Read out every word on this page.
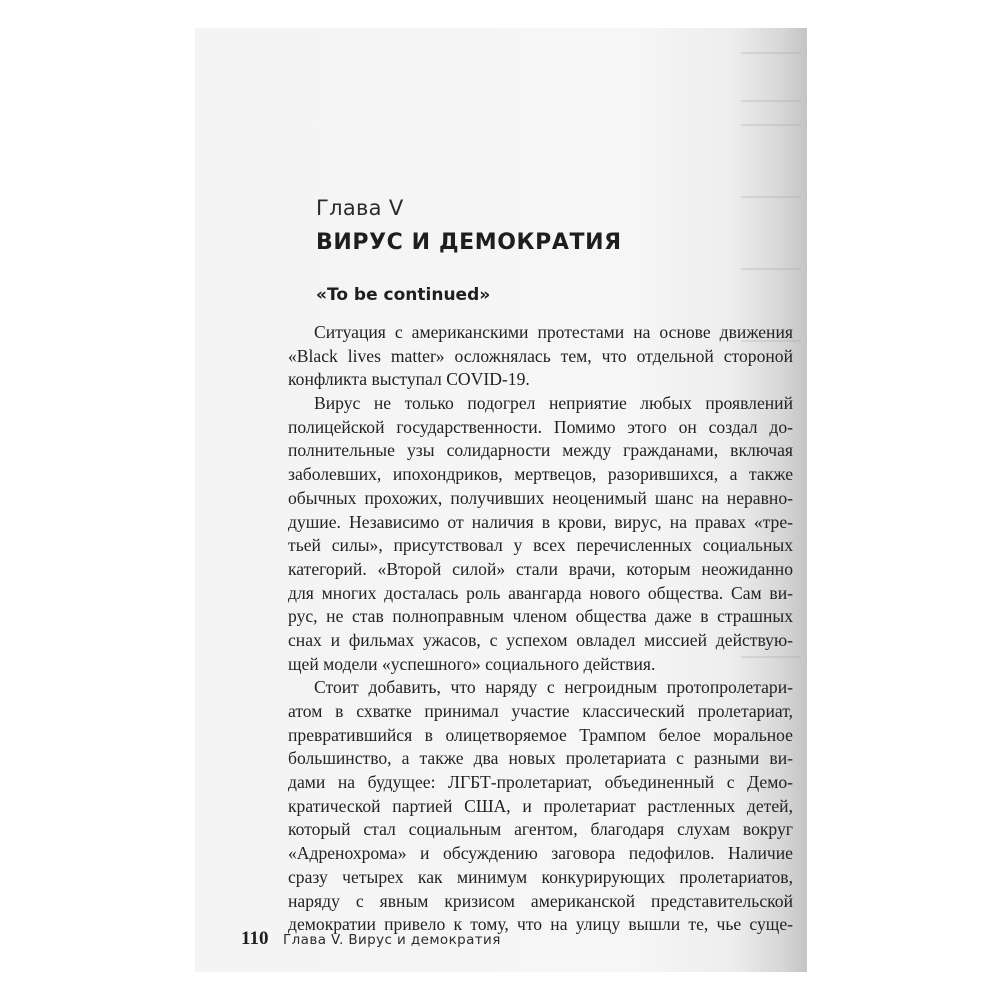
Глава V
ВИРУС И ДЕМОКРАТИЯ
«To be continued»
Ситуация с американскими протестами на основе движения
«Black lives matter» осложнялась тем, что отдельной стороной
конфликта выступал COVID-19.
Вирус не только подогрел неприятие любых проявлений
полицейской государственности. Помимо этого он создал до-
полнительные узы солидарности между гражданами, включая
заболевших, ипохондриков, мертвецов, разорившихся, а также
обычных прохожих, получивших неоценимый шанс на неравно-
душие. Независимо от наличия в крови, вирус, на правах «тре-
тьей силы», присутствовал у всех перечисленных социальных
категорий. «Второй силой» стали врачи, которым неожиданно
для многих досталась роль авангарда нового общества. Сам ви-
рус, не став полноправным членом общества даже в страшных
снах и фильмах ужасов, с успехом овладел миссией действую-
щей модели «успешного» социального действия.
Стоит добавить, что наряду с негроидным протопролетари-
атом в схватке принимал участие классический пролетариат,
превратившийся в олицетворяемое Трампом белое моральное
большинство, а также два новых пролетариата с разными ви-
дами на будущее: ЛГБТ-пролетариат, объединенный с Демо-
кратической партией США, и пролетариат растленных детей,
который стал социальным агентом, благодаря слухам вокруг
«Адренохрома» и обсуждению заговора педофилов. Наличие
сразу четырех как минимум конкурирующих пролетариатов,
наряду с явным кризисом американской представительской
демократии привело к тому, что на улицу вышли те, чье суще-
110 Глава V. Вирус и демократия
